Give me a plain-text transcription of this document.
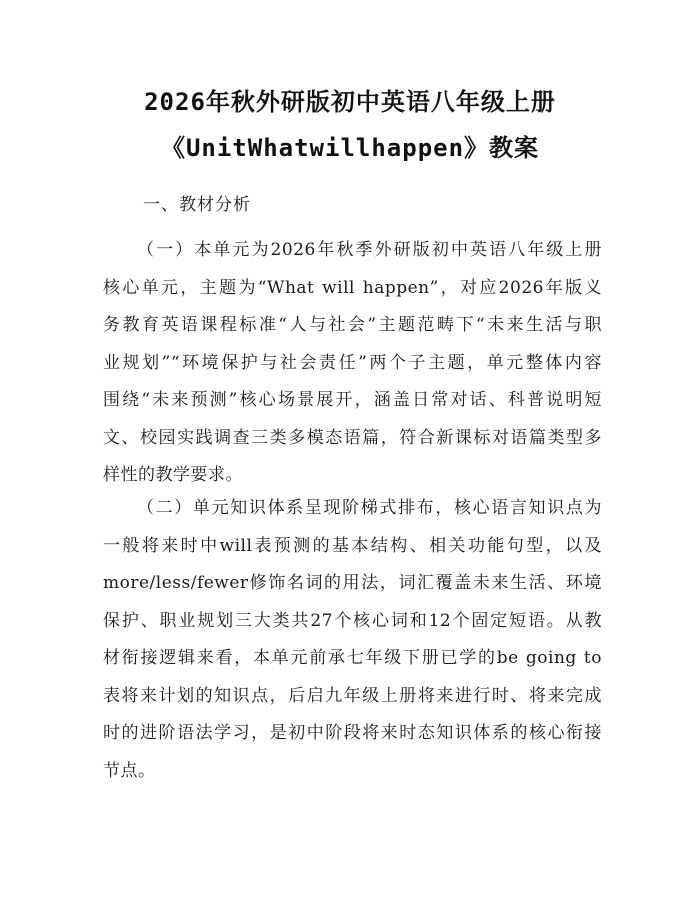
2026年秋外研版初中英语八年级上册
《UnitWhatwillhappen》教案
一、教材分析
（一）本单元为2026年秋季外研版初中英语八年级上册
核心单元，主题为“What will happen”，对应2026年版义
务教育英语课程标准“人与社会”主题范畴下“未来生活与职
业规划”“环境保护与社会责任”两个子主题，单元整体内容
围绕“未来预测”核心场景展开，涵盖日常对话、科普说明短
文、校园实践调查三类多模态语篇，符合新课标对语篇类型多
样性的教学要求。
（二）单元知识体系呈现阶梯式排布，核心语言知识点为
一般将来时中will表预测的基本结构、相关功能句型，以及
more/less/fewer修饰名词的用法，词汇覆盖未来生活、环境
保护、职业规划三大类共27个核心词和12个固定短语。从教
材衔接逻辑来看，本单元前承七年级下册已学的be going to
表将来计划的知识点，后启九年级上册将来进行时、将来完成
时的进阶语法学习，是初中阶段将来时态知识体系的核心衔接
节点。
